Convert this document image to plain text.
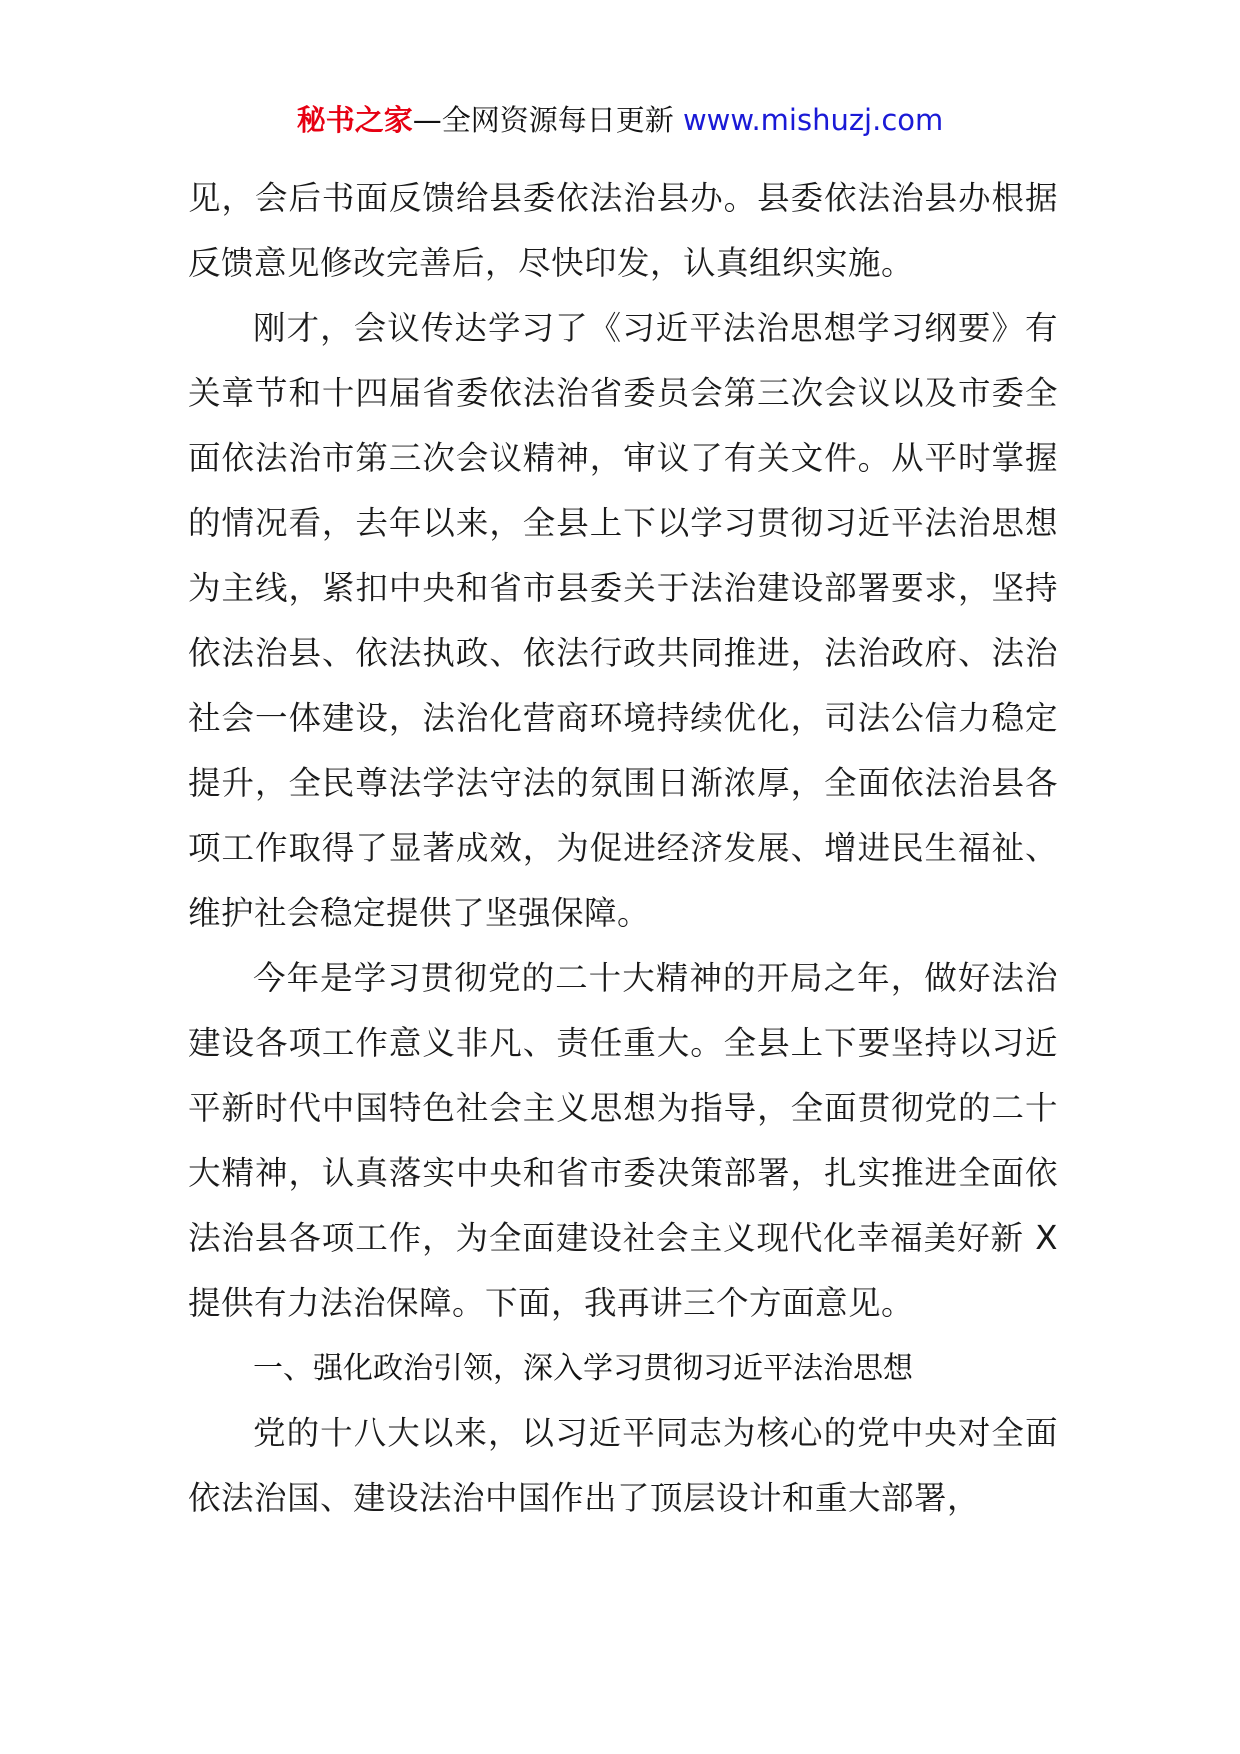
秘书之家—全网资源每日更新 www.mishuzj.com

见，会后书面反馈给县委依法治县办。县委依法治县办根据反馈意见修改完善后，尽快印发，认真组织实施。

刚才，会议传达学习了《习近平法治思想学习纲要》有关章节和十四届省委依法治省委员会第三次会议以及市委全面依法治市第三次会议精神，审议了有关文件。从平时掌握的情况看，去年以来，全县上下以学习贯彻习近平法治思想为主线，紧扣中央和省市县委关于法治建设部署要求，坚持依法治县、依法执政、依法行政共同推进，法治政府、法治社会一体建设，法治化营商环境持续优化，司法公信力稳定提升，全民尊法学法守法的氛围日渐浓厚，全面依法治县各项工作取得了显著成效，为促进经济发展、增进民生福祉、维护社会稳定提供了坚强保障。

今年是学习贯彻党的二十大精神的开局之年，做好法治建设各项工作意义非凡、责任重大。全县上下要坚持以习近平新时代中国特色社会主义思想为指导，全面贯彻党的二十大精神，认真落实中央和省市委决策部署，扎实推进全面依法治县各项工作，为全面建设社会主义现代化幸福美好新 X 提供有力法治保障。下面，我再讲三个方面意见。

一、强化政治引领，深入学习贯彻习近平法治思想

党的十八大以来，以习近平同志为核心的党中央对全面依法治国、建设法治中国作出了顶层设计和重大部署，
